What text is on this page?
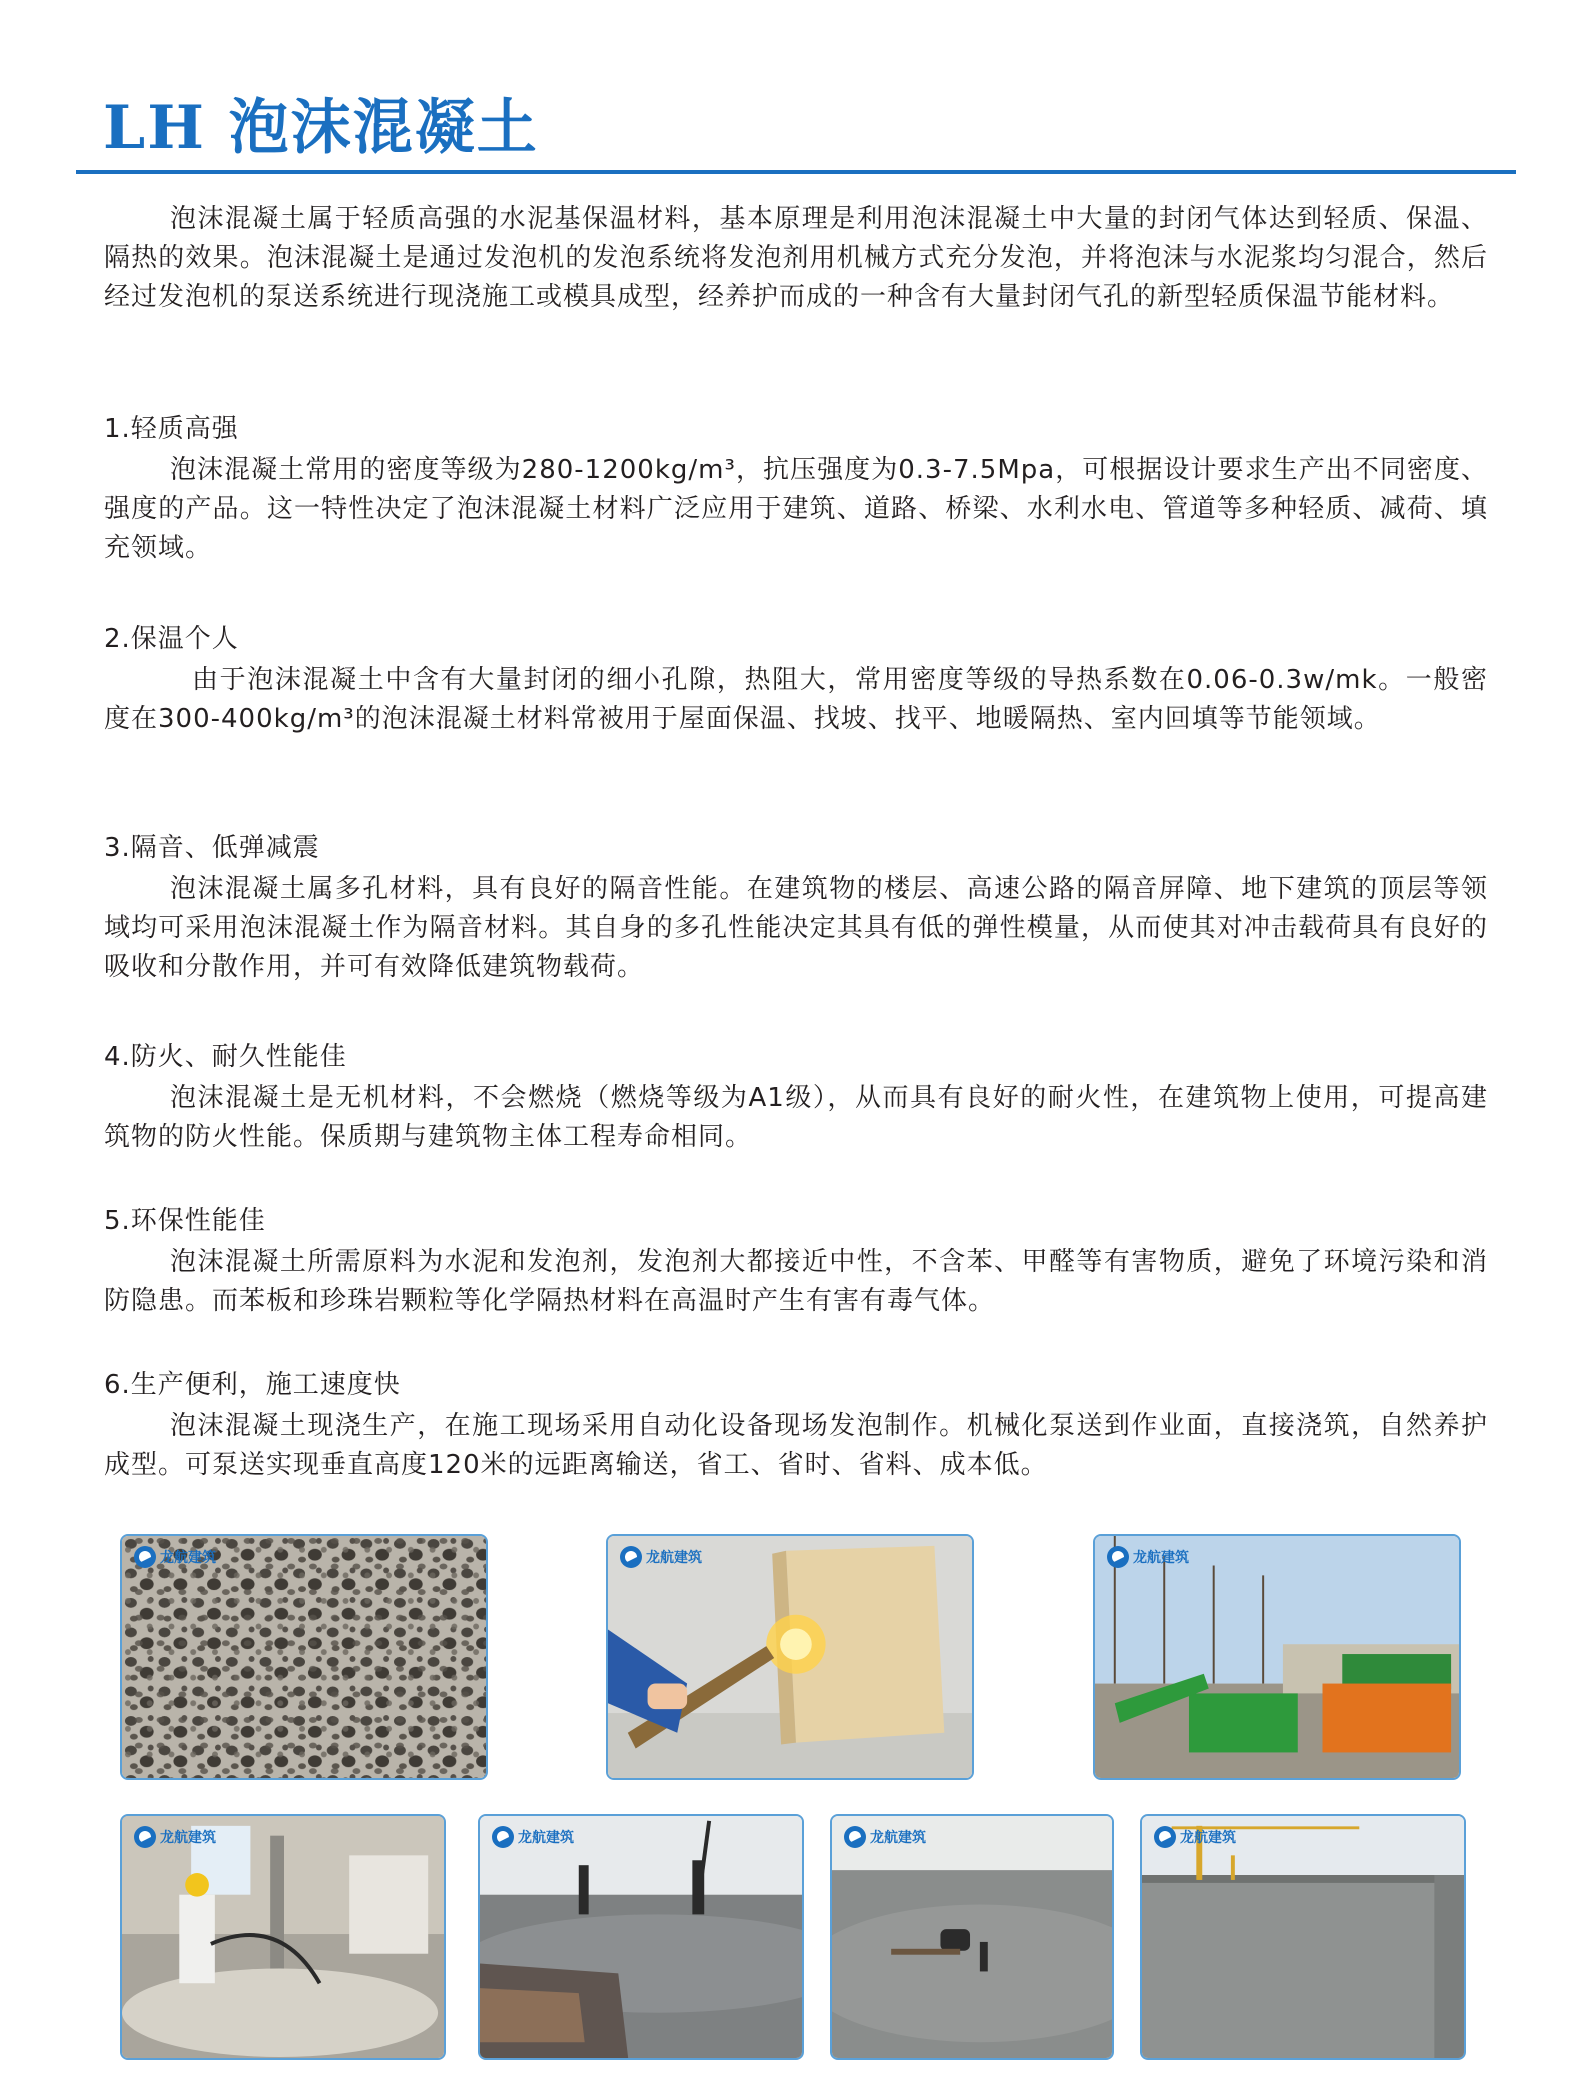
LH 泡沫混凝土

泡沫混凝土属于轻质高强的水泥基保温材料，基本原理是利用泡沫混凝土中大量的封闭气体达到轻质、保温、隔热的效果。泡沫混凝土是通过发泡机的发泡系统将发泡剂用机械方式充分发泡，并将泡沫与水泥浆均匀混合，然后经过发泡机的泵送系统进行现浇施工或模具成型，经养护而成的一种含有大量封闭气孔的新型轻质保温节能材料。

1.轻质高强

泡沫混凝土常用的密度等级为280-1200kg/m³，抗压强度为0.3-7.5Mpa，可根据设计要求生产出不同密度、强度的产品。这一特性决定了泡沫混凝土材料广泛应用于建筑、道路、桥梁、水利水电、管道等多种轻质、减荷、填充领域。

2.保温个人

由于泡沫混凝土中含有大量封闭的细小孔隙，热阻大，常用密度等级的导热系数在0.06-0.3w/mk。一般密度在300-400kg/m³的泡沫混凝土材料常被用于屋面保温、找坡、找平、地暖隔热、室内回填等节能领域。

3.隔音、低弹减震

泡沫混凝土属多孔材料，具有良好的隔音性能。在建筑物的楼层、高速公路的隔音屏障、地下建筑的顶层等领域均可采用泡沫混凝土作为隔音材料。其自身的多孔性能决定其具有低的弹性模量，从而使其对冲击载荷具有良好的吸收和分散作用，并可有效降低建筑物载荷。

4.防火、耐久性能佳

泡沫混凝土是无机材料，不会燃烧（燃烧等级为A1级），从而具有良好的耐火性，在建筑物上使用，可提高建筑物的防火性能。保质期与建筑物主体工程寿命相同。

5.环保性能佳

泡沫混凝土所需原料为水泥和发泡剂，发泡剂大都接近中性，不含苯、甲醛等有害物质，避免了环境污染和消防隐患。而苯板和珍珠岩颗粒等化学隔热材料在高温时产生有害有毒气体。

6.生产便利，施工速度快

泡沫混凝土现浇生产，在施工现场采用自动化设备现场发泡制作。机械化泵送到作业面，直接浇筑，自然养护成型。可泵送实现垂直高度120米的远距离输送，省工、省时、省料、成本低。

龙航建筑	龙航建筑	龙航建筑
龙航建筑	龙航建筑	龙航建筑	龙航建筑
